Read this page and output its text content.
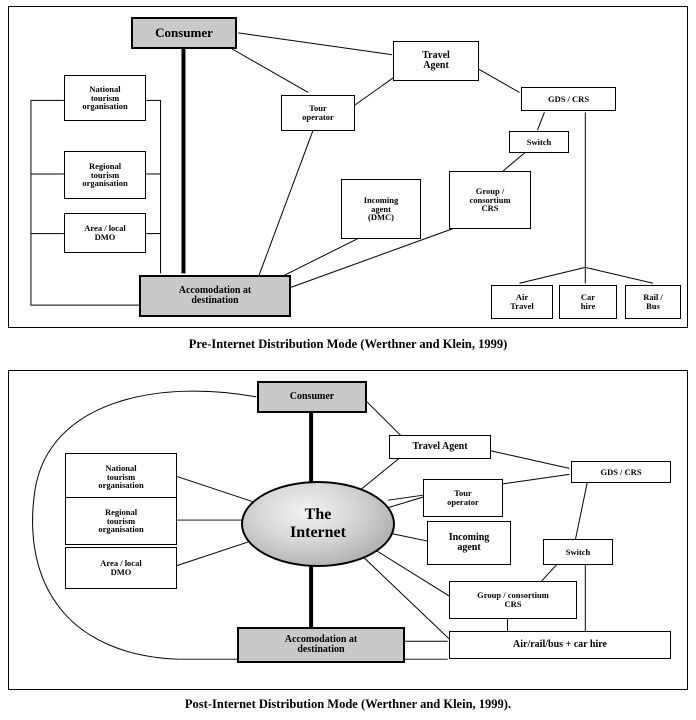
Consumer
Travel
Agent
GDS / CRS
Tour
operator
Switch
National
tourism
organisation
Regional
tourism
organisation
Area / local
DMO
Incoming
agent
(DMC)
Group /
consortium
CRS
Accomodation at
destination	Air
Travel
Car
hire
Rail /
Bus
Pre-Internet Distribution Mode (Werthner and Klein, 1999)
Consumer
Travel Agent
GDS / CRS
The
Internet
Tour
operator
Switch
National
tourism
organisation
Regional
tourism
organisation
Area / local
DMO
Incoming
agent
Group / consortium
CRS
Accomodation at
destination	Air/rail/bus + car hire
Post-Internet Distribution Mode (Werthner and Klein, 1999).
